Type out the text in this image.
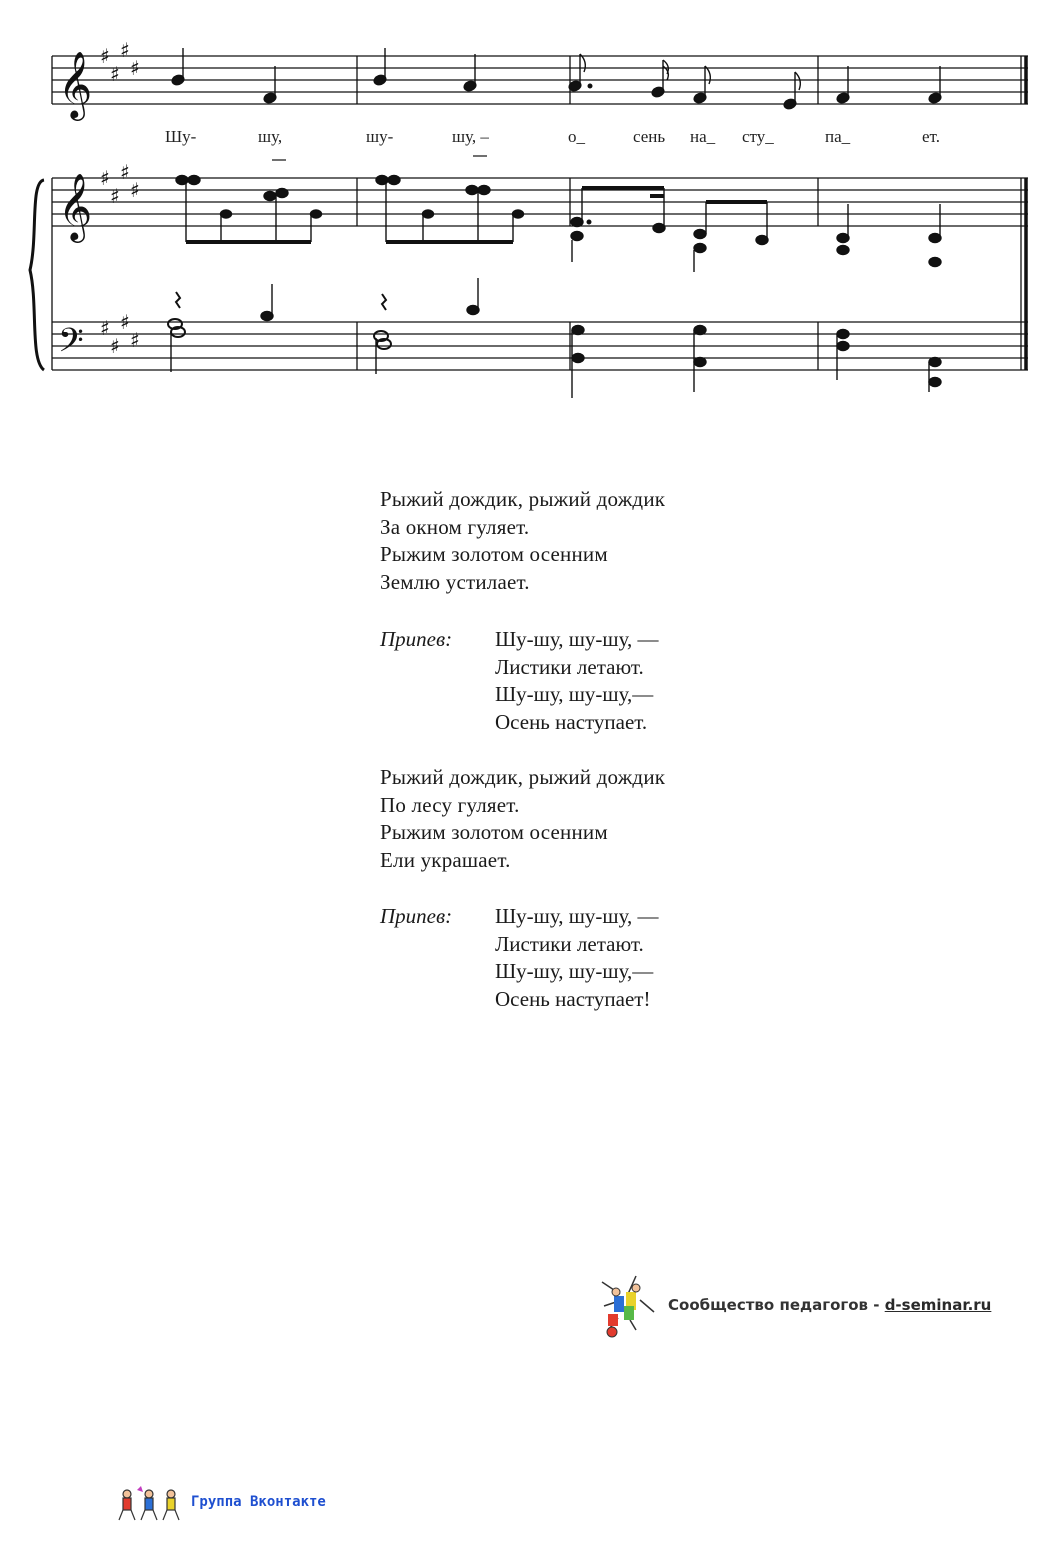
𝄞
𝄞
𝄢
♯
♯
♯
♯
♯
♯
♯
♯
♯
♯
♯
♯
Шу-	шу,	шу-	шу, –	о_	сень на_ сту_	па_	ет.
Рыжий дождик, рыжий дождик
За окном гуляет.
Рыжим золотом осенним
Землю устилает.
Припев: Шу-шу, шу-шу, —
Листики летают.
Шу-шу, шу-шу,—
Осень наступает.
Рыжий дождик, рыжий дождик
По лесу гуляет.
Рыжим золотом осенним
Ели украшает.
Припев: Шу-шу, шу-шу, —
Листики летают.
Шу-шу, шу-шу,—
Осень наступает!
Сообщество педагогов - d-seminar.ru
Группа Вконтакте
